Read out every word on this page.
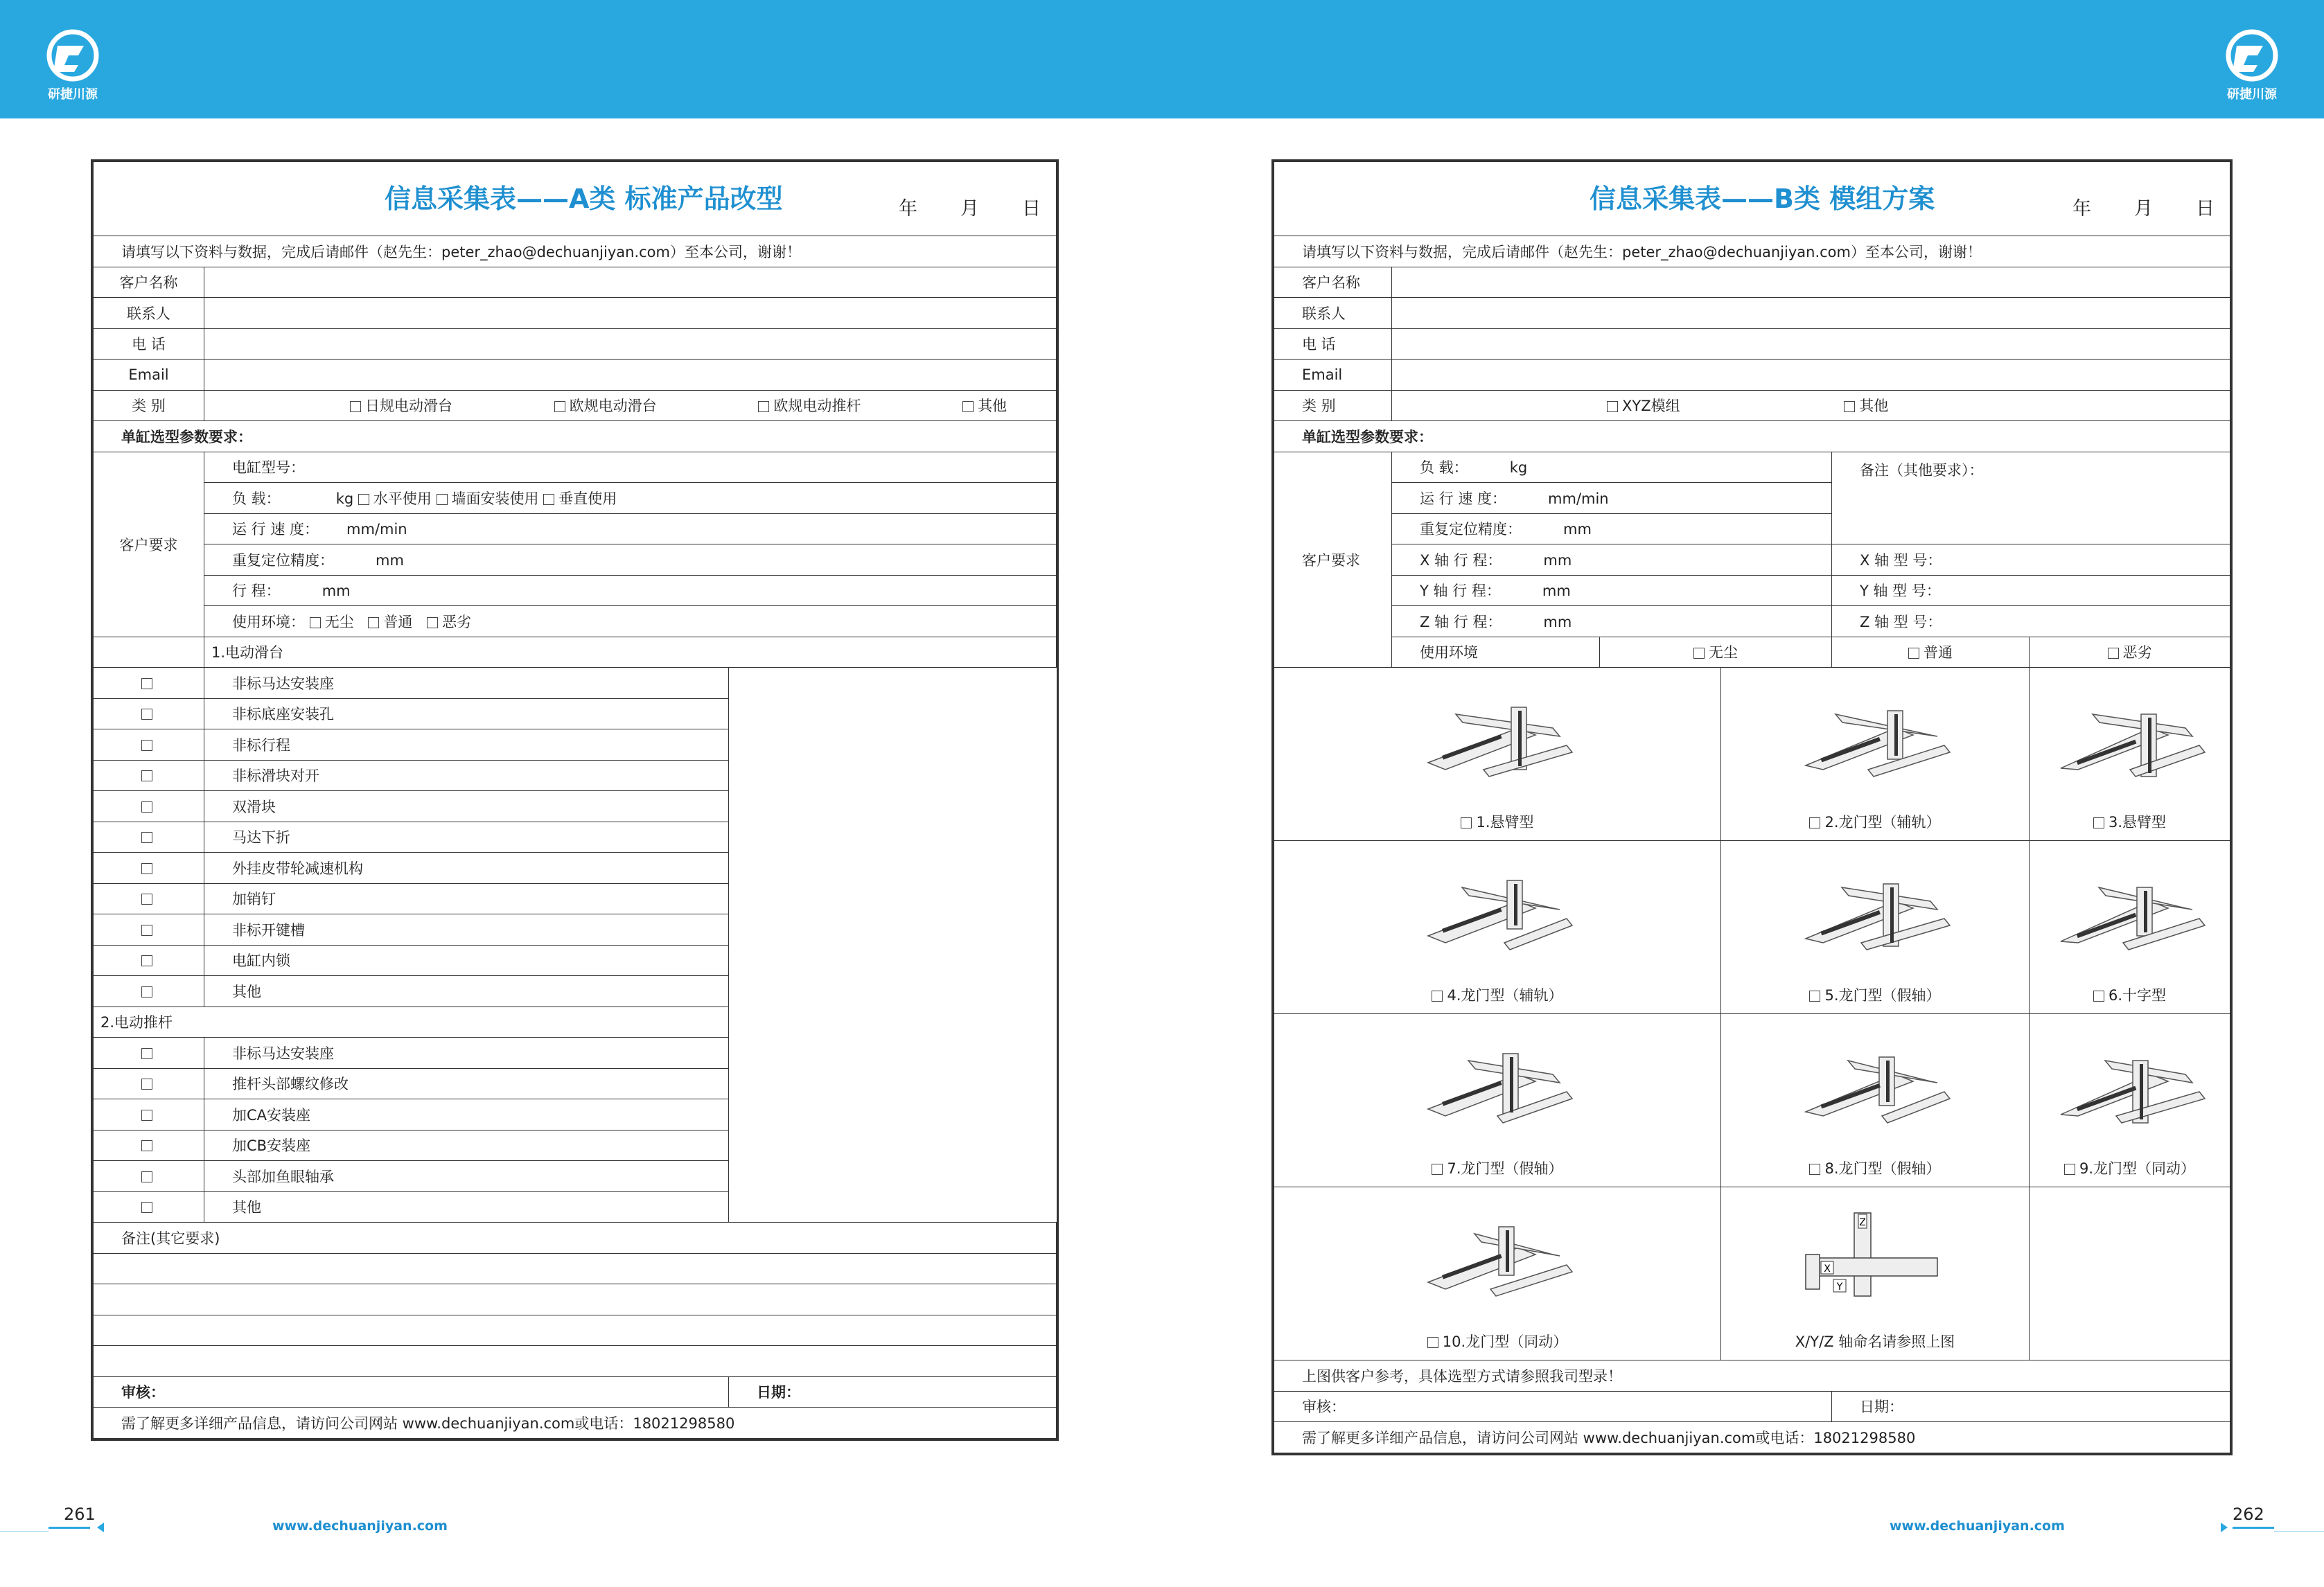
研捷川源	研捷川源
信息采集表——A类 标准产品改型 年 月 日		

请填写以下资料与数据，完成后请邮件（赵先生：peter_zhao@dechuanjiyan.com）至本公司，谢谢！		
客户名称		
联系人		
电 话		
Email		
类 别	日规电动滑台 欧规电动滑台 欧规电动推杆 其他	
单缸选型参数要求：		
客户要求	电缸型号：	
	负 载： kg 水平使用 墙面安装使用 垂直使用	
	运 行 速 度： mm/min	
	重复定位精度： mm	
	行 程： mm	
	使用环境： 无尘 普通 恶劣	
	1.电动滑台	
	非标马达安装座	
	非标底座安装孔	
	非标行程	
	非标滑块对开	
	双滑块	
	马达下折	
	外挂皮带轮减速机构	
	加销钉	
	非标开键槽	
	电缸内锁	
	其他	
2.电动推杆		
	非标马达安装座	
	推杆头部螺纹修改	
	加CA安装座	
	加CB安装座	
	头部加鱼眼轴承	
	其他	
备注(其它要求)		

审核：		日期：
需了解更多详细产品信息，请访问公司网站 www.dechuanjiyan.com或电话：18021298580		
信息采集表——B类 模组方案 年 月 日					

请填写以下资料与数据，完成后请邮件（赵先生：peter_zhao@dechuanjiyan.com）至本公司，谢谢！					
客户名称					
联系人					
电 话					
Email					
类 别	XYZ模组 其他				
单缸选型参数要求：					
客户要求	负 载： kg			备注（其他要求）：	
	运 行 速 度： mm/min				
	重复定位精度： mm				
	X 轴 行 程： mm			X 轴 型 号：	
	Y 轴 行 程： mm			Y 轴 型 号：	
	Z 轴 行 程： mm			Z 轴 型 号：	
	使用环境	无尘		普通	恶劣

1.悬臂型			2.龙门型（辅轨）		3.悬臂型

4.龙门型（辅轨）			5.龙门型（假轴）		6.十字型

7.龙门型（假轴）			8.龙门型（假轴）		9.龙门型（同动）

10.龙门型（同动）			Z
X
Y
X/Y/Z 轴命名请参照上图		
上图供客户参考，具体选型方式请参照我司型录！					
审核：				日期：	
需了解更多详细产品信息，请访问公司网站 www.dechuanjiyan.com或电话：18021298580					
261
www.dechuanjiyan.com	www.dechuanjiyan.com
262
